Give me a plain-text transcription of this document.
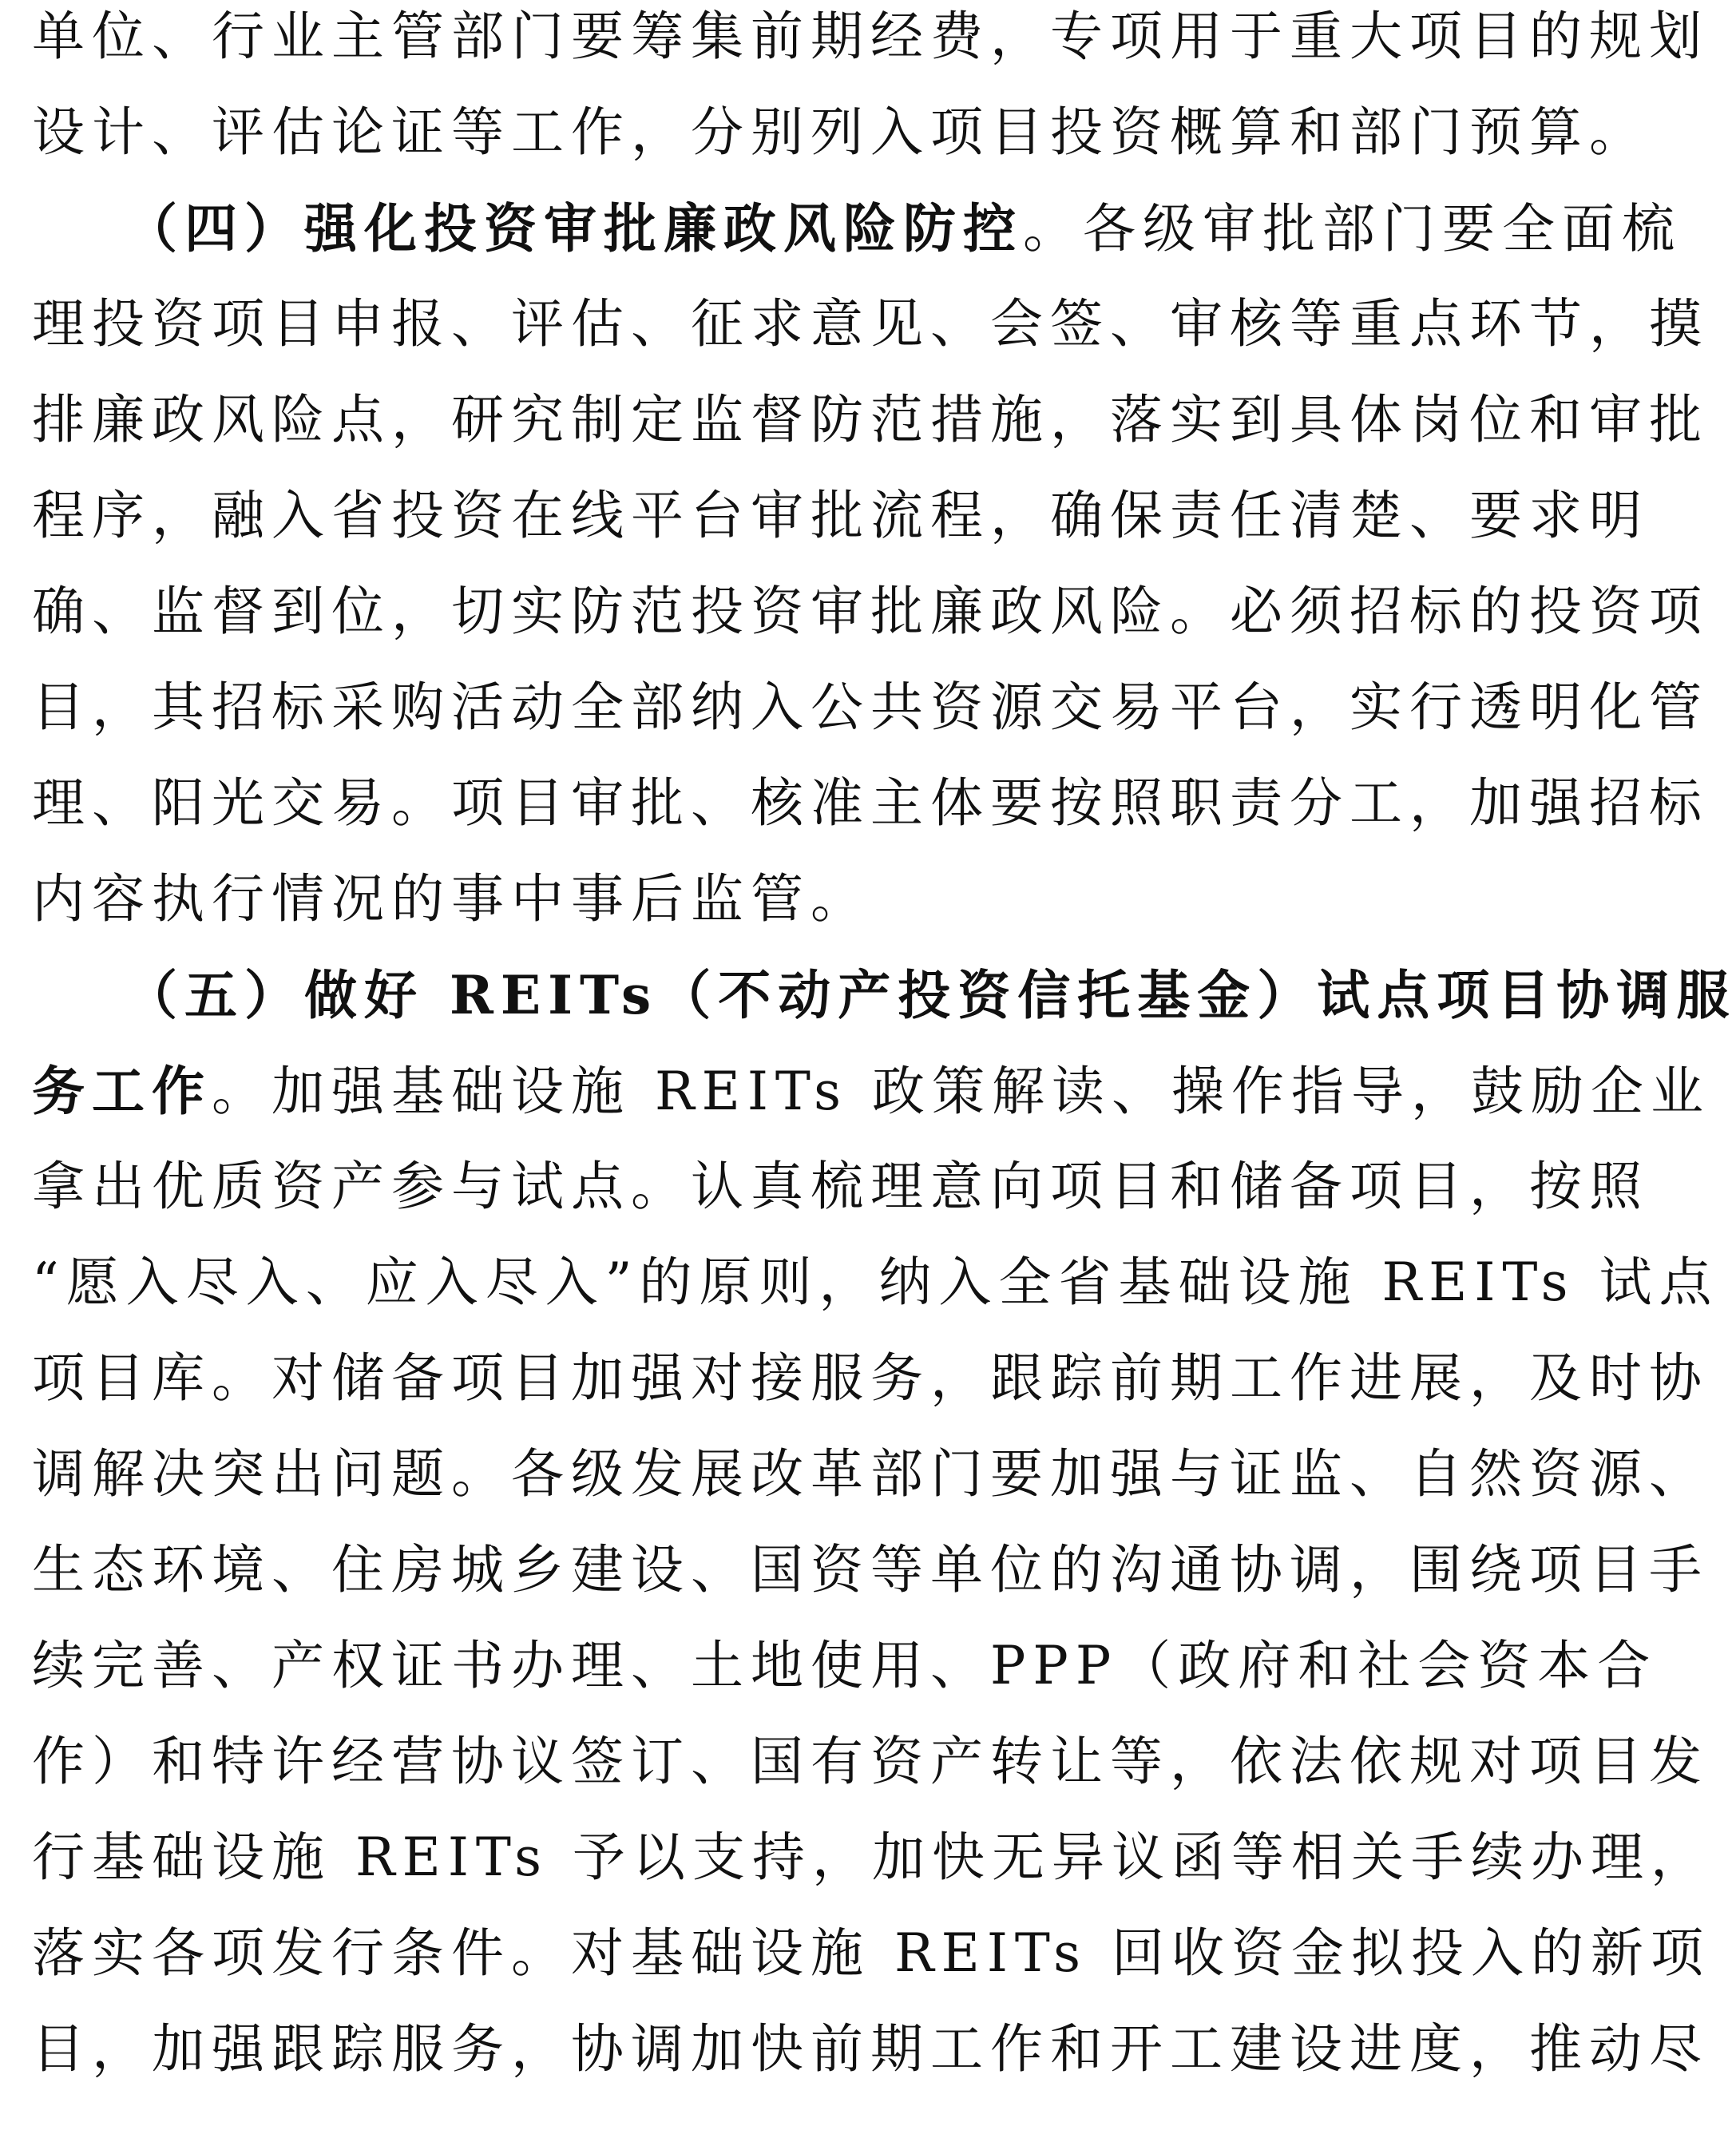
单位、行业主管部门要筹集前期经费，专项用于重大项目的规划
设计、评估论证等工作，分别列入项目投资概算和部门预算。
（四）强化投资审批廉政风险防控。各级审批部门要全面梳
理投资项目申报、评估、征求意见、会签、审核等重点环节，摸
排廉政风险点，研究制定监督防范措施，落实到具体岗位和审批
程序，融入省投资在线平台审批流程，确保责任清楚、要求明
确、监督到位，切实防范投资审批廉政风险。必须招标的投资项
目，其招标采购活动全部纳入公共资源交易平台，实行透明化管
理、阳光交易。项目审批、核准主体要按照职责分工，加强招标
内容执行情况的事中事后监管。
（五）做好 REITs（不动产投资信托基金）试点项目协调服
务工作。加强基础设施 REITs 政策解读、操作指导，鼓励企业
拿出优质资产参与试点。认真梳理意向项目和储备项目，按照
“愿入尽入、应入尽入”的原则，纳入全省基础设施 REITs 试点
项目库。对储备项目加强对接服务，跟踪前期工作进展，及时协
调解决突出问题。各级发展改革部门要加强与证监、自然资源、
生态环境、住房城乡建设、国资等单位的沟通协调，围绕项目手
续完善、产权证书办理、土地使用、PPP（政府和社会资本合
作）和特许经营协议签订、国有资产转让等，依法依规对项目发
行基础设施 REITs 予以支持，加快无异议函等相关手续办理，
落实各项发行条件。对基础设施 REITs 回收资金拟投入的新项
目，加强跟踪服务，协调加快前期工作和开工建设进度，推动尽
